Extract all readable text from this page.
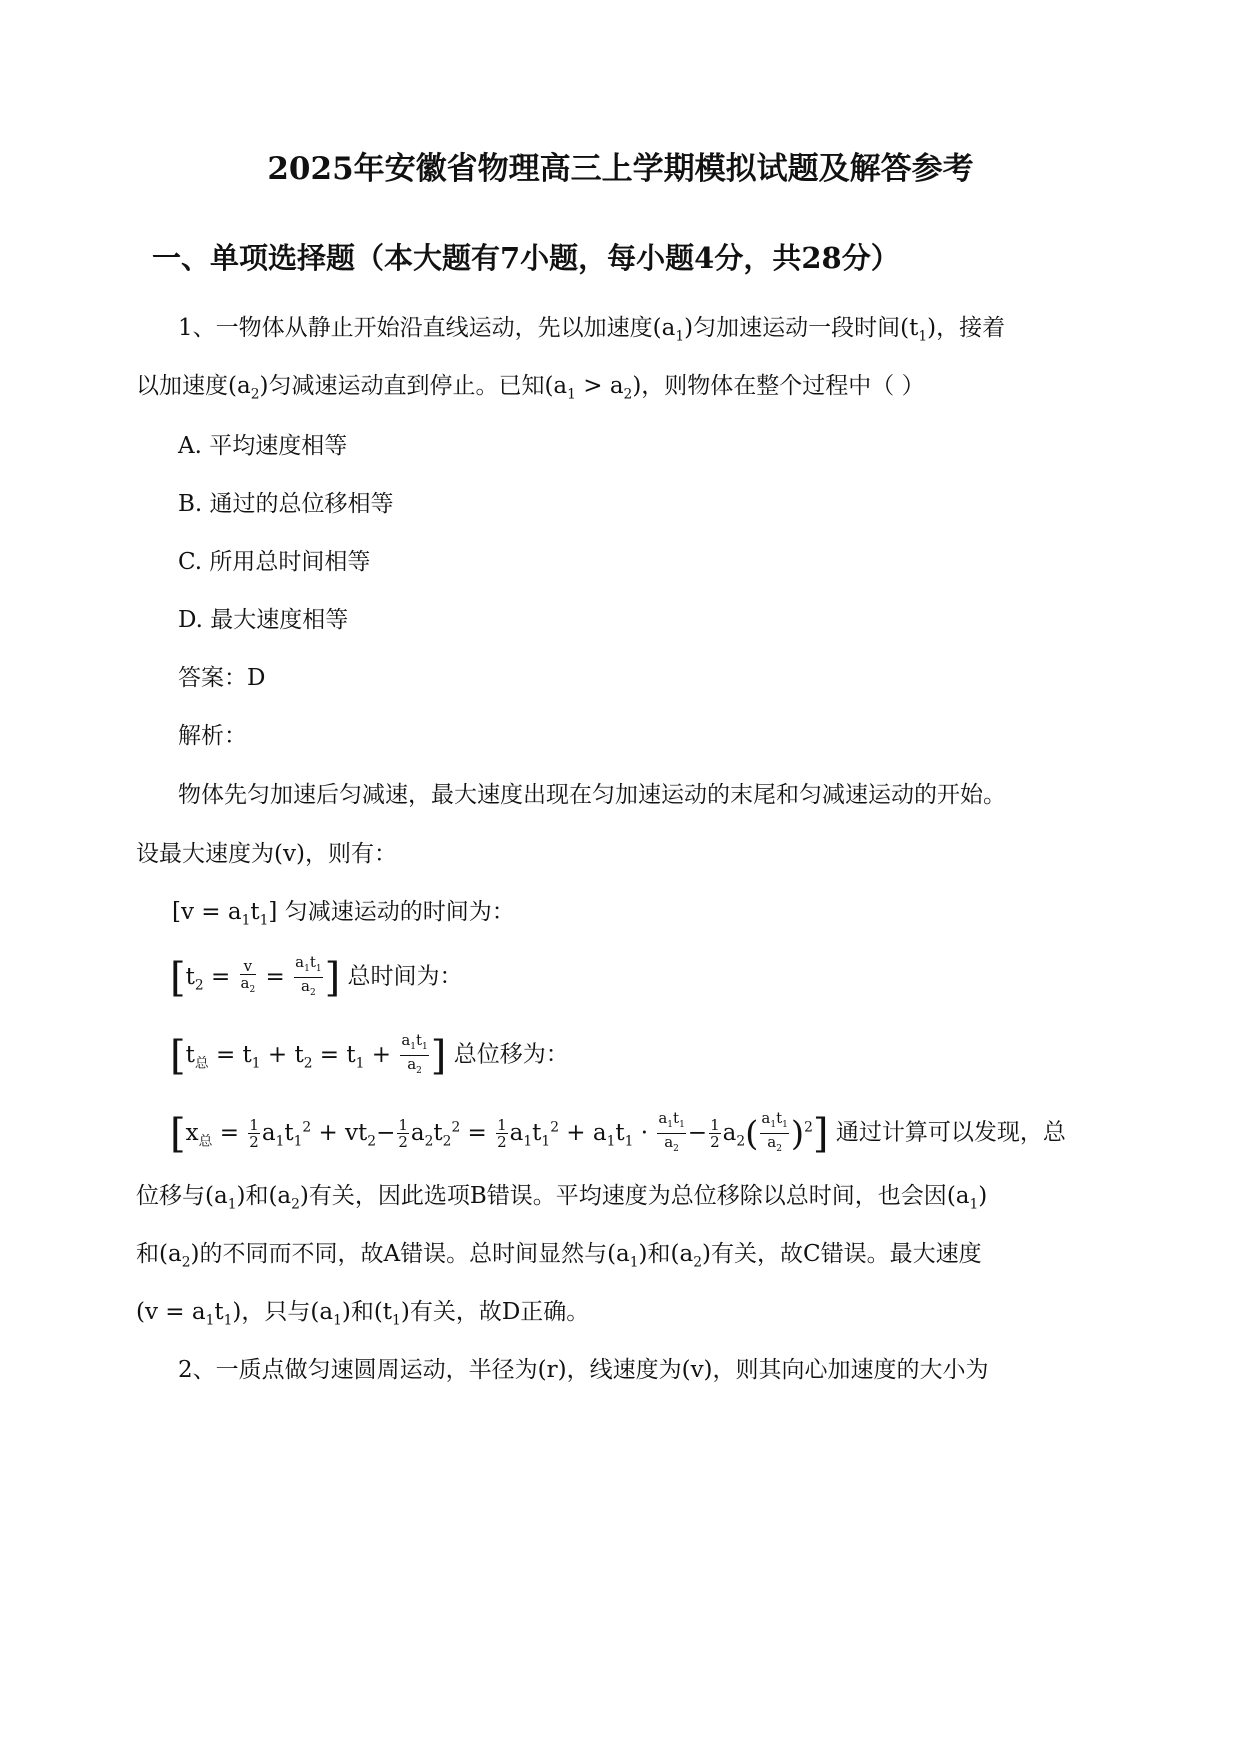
2025年安徽省物理高三上学期模拟试题及解答参考
一、单项选择题（本大题有7小题，每小题4分，共28分）
1、一物体从静止开始沿直线运动，先以加速度$(a_1)$匀加速运动一段时间$(t_1)$，接着
以加速度$(a_2)$匀减速运动直到停止。已知$(a_1 > a_2)$，则物体在整个过程中（ ）
A. 平均速度相等
B. 通过的总位移相等
C. 所用总时间相等
D. 最大速度相等
答案：D
解析：
物体先匀加速后匀减速，最大速度出现在匀加速运动的末尾和匀减速运动的开始。
设最大速度为(v)，则有：
$[v = a_1t_1]$ 匀减速运动的时间为：
[$t_2 = \frac{v}{a_2} = \frac{a_1t_1}{a_2}$ ] 总时间为：
[$t_总 = t_1 + t_2 = t_1 + \frac{a_1t_1}{a_2}$ ] 总位移为：
$[x_总 = \frac{1}{2} a_1t_1^2 + vt_2- \frac{1}{2} a_2t_2^2 = \frac{1}{2} a_1t_1^2 + a_1t_1 \cdot \frac{a_1t_1}{a_2} - \frac{1}{2} a_2( \frac{a_1t_1}{a_2} )^2]$ 通过计算可以发现，总
位移与$(a_1)$和$(a_2)$有关，因此选项B错误。平均速度为总位移除以总时间，也会因$(a_1)$
和$(a_2)$的不同而不同，故A错误。总时间显然与$(a_1)$和$(a_2)$有关，故C错误。最大速度
$(v = a_1t_1)$，只与$(a_1)$和$(t_1)$有关，故D正确。
2、一质点做匀速圆周运动，半径为(r)，线速度为(v)，则其向心加速度的大小为
